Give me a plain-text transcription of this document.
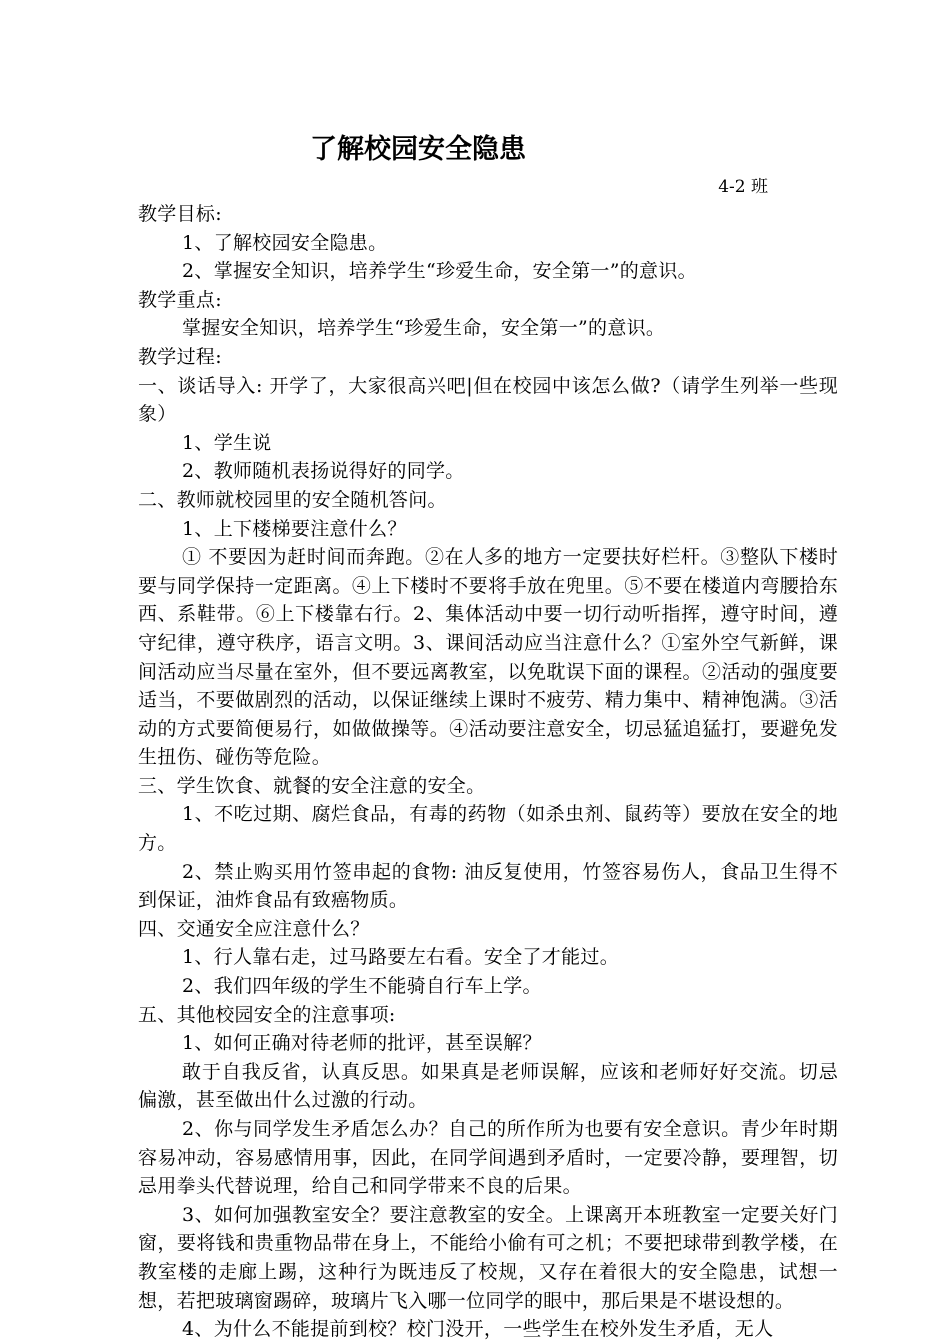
了解校园安全隐患
4-2 班

教学目标:

1、了解校园安全隐患。

2、掌握安全知识，培养学生“珍爱生命，安全第一”的意识。

教学重点:

掌握安全知识，培养学生“珍爱生命，安全第一”的意识。

教学过程:

一、谈话导入: 开学了，大家很高兴吧|但在校园中该怎么做?（请学生列举一些现象）

1、学生说

2、教师随机表扬说得好的同学。

二、教师就校园里的安全随机答问。

1、上下楼梯要注意什么？

① 不要因为赶时间而奔跑。②在人多的地方一定要扶好栏杆。③整队下楼时要与同学保持一定距离。④上下楼时不要将手放在兜里。⑤不要在楼道内弯腰拾东西、系鞋带。⑥上下楼靠右行。2、集体活动中要一切行动听指挥，遵守时间，遵守纪律，遵守秩序，语言文明。3、课间活动应当注意什么？①室外空气新鲜，课间活动应当尽量在室外，但不要远离教室，以免耽误下面的课程。②活动的强度要适当，不要做剧烈的活动，以保证继续上课时不疲劳、精力集中、精神饱满。③活动的方式要简便易行，如做做操等。④活动要注意安全，切忌猛追猛打，要避免发生扭伤、碰伤等危险。

三、学生饮食、就餐的安全注意的安全。

1、不吃过期、腐烂食品，有毒的药物（如杀虫剂、鼠药等）要放在安全的地方。

2、禁止购买用竹签串起的食物: 油反复使用，竹签容易伤人，食品卫生得不到保证，油炸食品有致癌物质。

四、交通安全应注意什么？

1、行人靠右走，过马路要左右看。安全了才能过。

2、我们四年级的学生不能骑自行车上学。

五、其他校园安全的注意事项:

1、如何正确对待老师的批评，甚至误解？

敢于自我反省，认真反思。如果真是老师误解，应该和老师好好交流。切忌偏激，甚至做出什么过激的行动。

2、你与同学发生矛盾怎么办？自己的所作所为也要有安全意识。青少年时期容易冲动，容易感情用事，因此，在同学间遇到矛盾时，一定要冷静，要理智，切忌用拳头代替说理，给自己和同学带来不良的后果。

3、如何加强教室安全？要注意教室的安全。上课离开本班教室一定要关好门窗，要将钱和贵重物品带在身上，不能给小偷有可之机；不要把球带到教学楼，在教室楼的走廊上踢，这种行为既违反了校规，又存在着很大的安全隐患，试想一想，若把玻璃窗踢碎，玻璃片飞入哪一位同学的眼中，那后果是不堪设想的。

4、为什么不能提前到校？校门没开，一些学生在校外发生矛盾，无人
